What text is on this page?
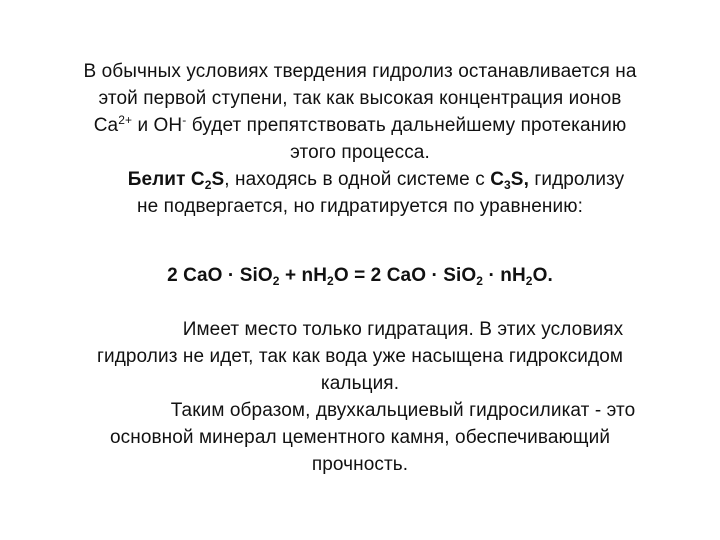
В обычных условиях твердения гидролиз останавливается на
этой первой ступени, так как высокая концентрация ионов
$Ca^{2+}$ и OH- будет препятствовать дальнейшему протеканию
этого процесса.
Белит $C_2S$, находясь в одной системе с $C_3S$, гидролизу
не подвергается, но гидратируется по уравнению:
2 CaO · $SiO_2 + nH_2O = 2$ CaO · $SiO_2 \cdot nH_2O$.
Имеет место только гидратация. В этих условиях
гидролиз не идет, так как вода уже насыщена гидроксидом
кальция.
Таким образом, двухкальциевый гидросиликат - это
основной минерал цементного камня, обеспечивающий
прочность.
